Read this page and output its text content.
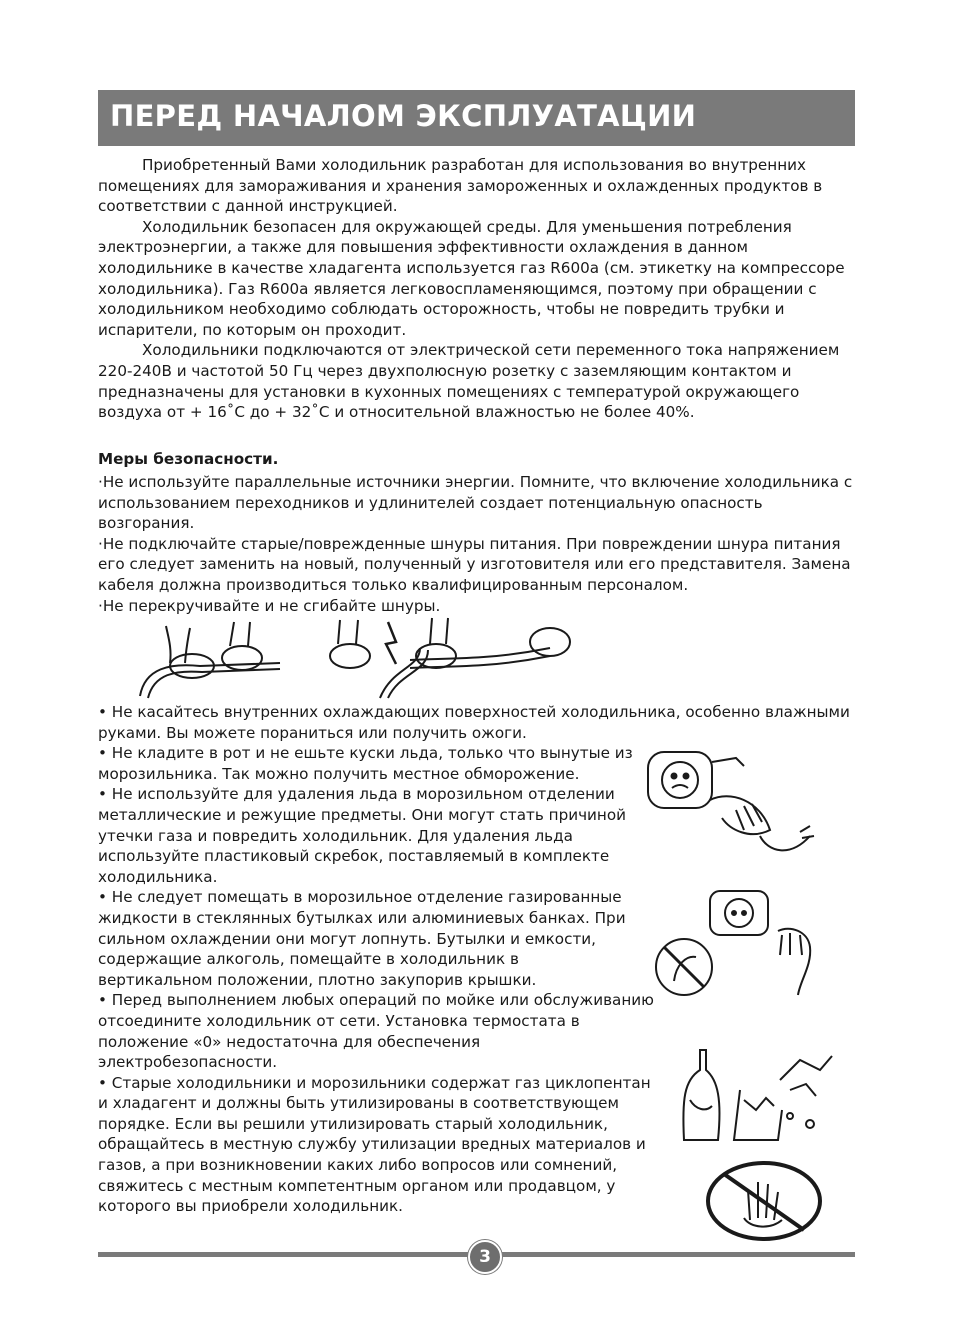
ПЕРЕД НАЧАЛОМ ЭКСПЛУАТАЦИИ

Приобретенный Вами холодильник разработан для использования во внутренних помещениях для замораживания и хранения замороженных и охлажденных продуктов в соответствии с данной инструкцией.

Холодильник безопасен для окружающей среды. Для уменьшения потребления электроэнергии, а также для повышения эффективности охлаждения в данном холодильнике в качестве хладагента используется газ R600a (см. этикетку на компрессоре холодильника). Газ R600a является легковоспламеняющимся, поэтому при обращении с холодильником необходимо соблюдать осторожность, чтобы не повредить трубки и испарители, по которым он проходит.

Холодильники подключаются от электрической сети переменного тока напряжением 220-240В и частотой 50 Гц через двухполюсную розетку с заземляющим контактом и предназначены для установки в кухонных помещениях с температурой окружающего воздуха от + 16˚С до + 32˚С и относительной влажностью не более 40%.

Меры безопасности.

·Не используйте параллельные источники энергии. Помните, что включение холодильника с использованием переходников и удлинителей создает потенциальную опасность возгорания.

·Не подключайте старые/поврежденные шнуры питания. При повреждении шнура питания его следует заменить на новый, полученный у изготовителя или его представителя. Замена кабеля должна производиться только квалифицированным персоналом.

·Не перекручивайте и не сгибайте шнуры.

• Не касайтесь внутренних охлаждающих поверхностей холодильника, особенно влажными руками. Вы можете пораниться или получить ожоги.

• Не кладите в рот и не ешьте куски льда, только что вынутые из морозильника. Так можно получить местное обморожение.

• Не используйте для удаления льда в морозильном отделении металлические и режущие предметы. Они могут стать причиной утечки газа и повредить холодильник. Для удаления льда используйте пластиковый скребок, поставляемый в комплекте холодильника.

• Не следует помещать в морозильное отделение газированные жидкости в стеклянных бутылках или алюминиевых банках. При сильном охлаждении они могут лопнуть. Бутылки и емкости, содержащие алкоголь, помещайте в холодильник в вертикальном положении, плотно закупорив крышки.

• Перед выполнением любых операций по мойке или обслуживанию отсоедините холодильник от сети. Установка термостата в положение «0» недостаточна для обеспечения электробезопасности.

• Старые холодильники и морозильники содержат газ циклопентан и хладагент и должны быть утилизированы в соответствующем порядке. Если вы решили утилизировать старый холодильник, обращайтесь в местную службу утилизации вредных материалов и газов, а при возникновении каких либо вопросов или сомнений, свяжитесь с местным компетентным органом или продавцом, у которого вы приобрели холодильник.

3
